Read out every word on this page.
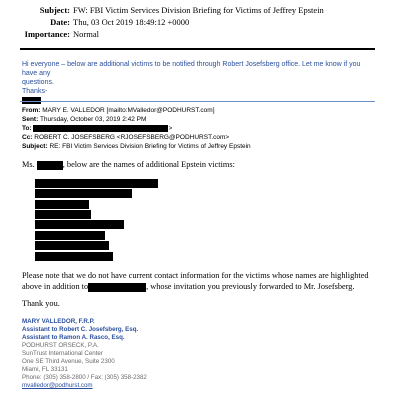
Subject: FW: FBI Victim Services Division Briefing for Victims of Jeffrey Epstein
Date: Thu, 03 Oct 2019 18:49:12 +0000
Importance: Normal
Hi everyone – below are additional victims to be notified through Robert Josefsberg office. Let me know if you have any
questions.
Thanks-
From: MARY E. VALLEDOR [mailto:MValledor@PODHURST.com]
Sent: Thursday, October 03, 2019 2:42 PM
To:	>
Cc: ROBERT C. JOSEFSBERG <RJOSEFSBERG@PODHURST.com>
Subject: RE: FBI Victim Services Division Briefing for Victims of Jeffrey Epstein
Ms.	, below are the names of additional Epstein victims:
Please note that we do not have current contact information for the victims whose names are highlighted
above in addition to	, whose invitation you previously forwarded to Mr. Josefsberg.
Thank you.
MARY VALLEDOR, F.R.P.
Assistant to Robert C. Josefsberg, Esq.
Assistant to Ramon A. Rasco, Esq.
PODHURST ORSECK, P.A.
SunTrust International Center
One SE Third Avenue, Suite 2300
Miami, FL 33131
Phone: (305) 358-2800 / Fax: (305) 358-2382
mvalledor@podhurst.com
